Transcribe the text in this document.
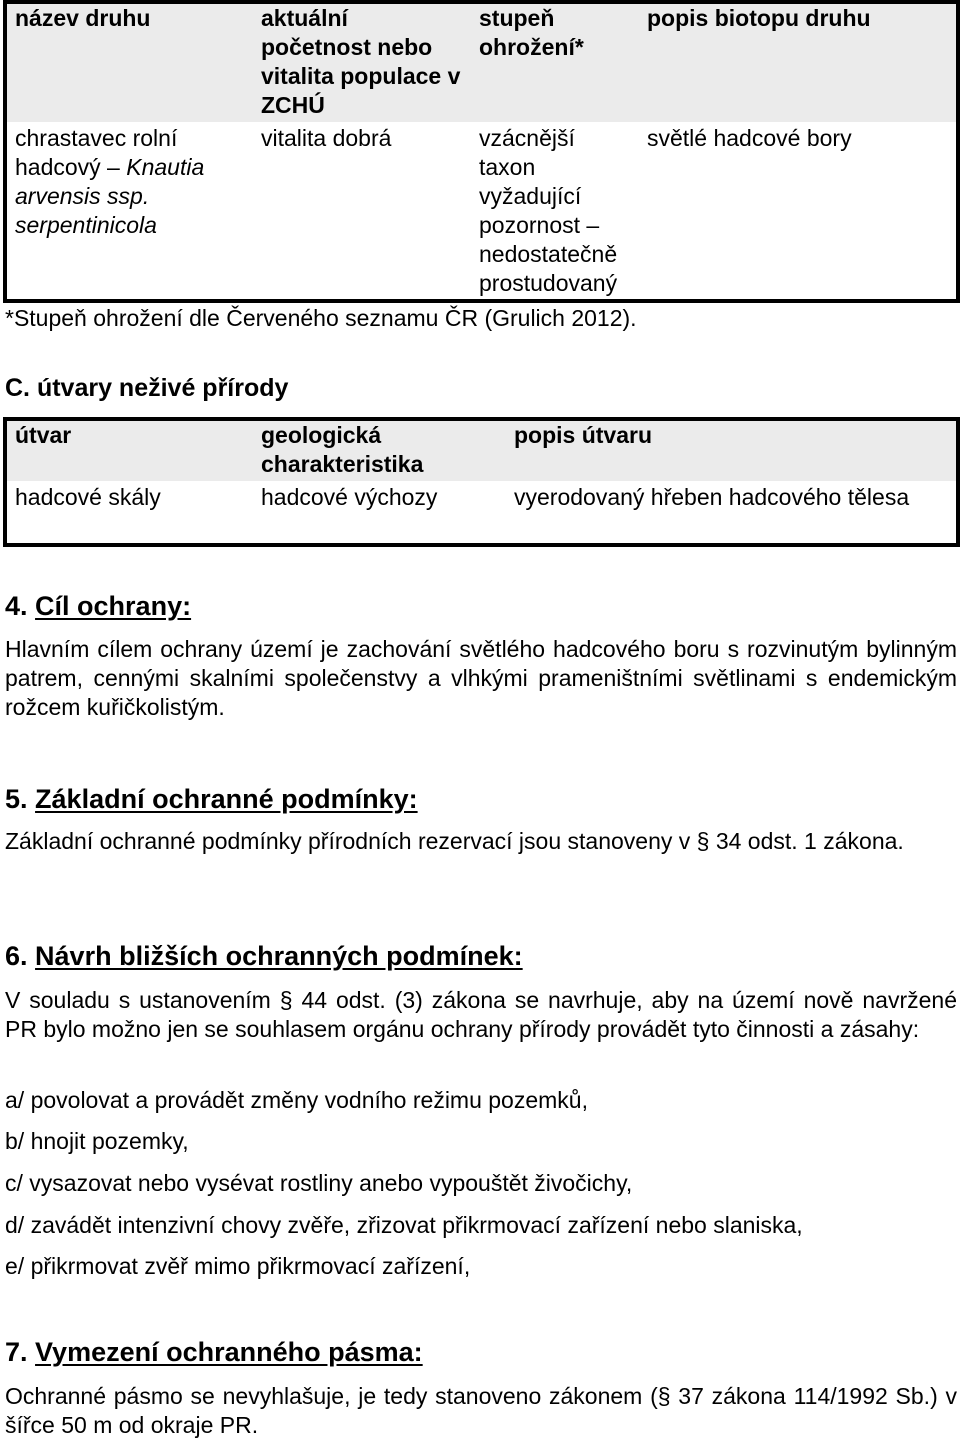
název druhu	aktuální početnost nebo vitalita populace v ZCHÚ	stupeň ohrožení*	popis biotopu druhu
chrastavec rolní hadcový – Knautia arvensis ssp. serpentinicola	vitalita dobrá	vzácnější taxon vyžadující pozornost – nedostatečně prostudovaný	světlé hadcové bory
*Stupeň ohrožení dle Červeného seznamu ČR (Grulich 2012).
C. útvary neživé přírody
útvar	geologická charakteristika	popis útvaru
hadcové skály	hadcové výchozy	vyerodovaný hřeben hadcového tělesa
4. Cíl ochrany:
Hlavním cílem ochrany území je zachování světlého hadcového boru s rozvinutým bylinným patrem, cennými skalními společenstvy a vlhkými prameništními světlinami s endemickým rožcem kuřičkolistým.
5. Základní ochranné podmínky:
Základní ochranné podmínky přírodních rezervací jsou stanoveny v § 34 odst. 1 zákona.
6. Návrh bližších ochranných podmínek:
V souladu s ustanovením § 44 odst. (3) zákona se navrhuje, aby na území nově navržené PR bylo možno jen se souhlasem orgánu ochrany přírody provádět tyto činnosti a zásahy:
a/ povolovat a provádět změny vodního režimu pozemků,
b/ hnojit pozemky,
c/ vysazovat nebo vysévat rostliny anebo vypouštět živočichy,
d/ zavádět intenzivní chovy zvěře, zřizovat přikrmovací zařízení nebo slaniska,
e/ přikrmovat zvěř mimo přikrmovací zařízení,
7. Vymezení ochranného pásma:
Ochranné pásmo se nevyhlašuje, je tedy stanoveno zákonem (§ 37 zákona 114/1992 Sb.) v šířce 50 m od okraje PR.
